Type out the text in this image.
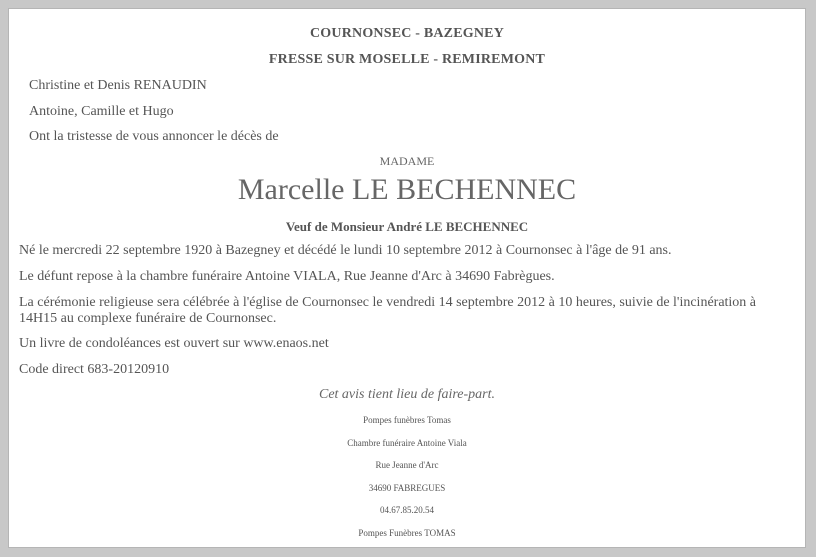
COURNONSEC - BAZEGNEY
FRESSE SUR MOSELLE - REMIREMONT
Christine et Denis RENAUDIN
Antoine, Camille et Hugo
Ont la tristesse de vous annoncer le décès de
MADAME
Marcelle LE BECHENNEC
Veuf de Monsieur André LE BECHENNEC
Né le mercredi 22 septembre 1920 à Bazegney et décédé le lundi 10 septembre 2012 à Cournonsec à l'âge de 91 ans.
Le défunt repose à la chambre funéraire Antoine VIALA, Rue Jeanne d'Arc à 34690 Fabrègues.
La cérémonie religieuse sera célébrée à l'église de Cournonsec le vendredi 14 septembre 2012 à 10 heures, suivie de l'incinération à 14H15 au complexe funéraire de Cournonsec.
Un livre de condoléances est ouvert sur www.enaos.net
Code direct 683-20120910
Cet avis tient lieu de faire-part.
Pompes funèbres Tomas
Chambre funéraire Antoine Viala
Rue Jeanne d'Arc
34690 FABREGUES
04.67.85.20.54
Pompes Funèbres TOMAS
